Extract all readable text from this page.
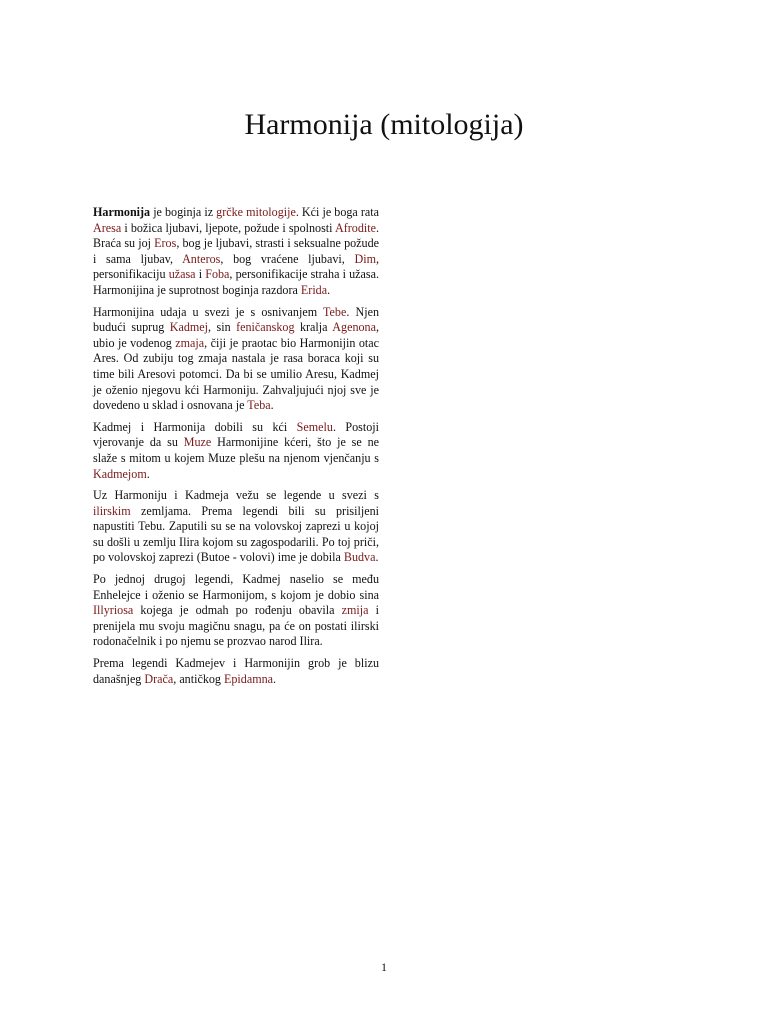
Harmonija (mitologija)

Harmonija je boginja iz grčke mitologije. Kći je boga rata Aresa i božica ljubavi, ljepote, požude i spolnosti Afrodite. Braća su joj Eros, bog je ljubavi, strasti i seksualne požude i sama ljubav, Anteros, bog vraćene ljubavi, Dim, personifikaciju užasa i Foba, personifikacije straha i užasa. Harmonijina je suprotnost boginja razdora Erida.

Harmonijina udaja u svezi je s osnivanjem Tebe. Njen budući suprug Kadmej, sin feničanskog kralja Agenona, ubio je vodenog zmaja, čiji je praotac bio Harmonijin otac Ares. Od zubiju tog zmaja nastala je rasa boraca koji su time bili Aresovi potomci. Da bi se umilio Aresu, Kadmej je oženio njegovu kći Harmoniju. Zahvaljujući njoj sve je dovedeno u sklad i osnovana je Teba.

Kadmej i Harmonija dobili su kći Semelu. Postoji vjerovanje da su Muze Harmonijine kćeri, što je se ne slaže s mitom u kojem Muze plešu na njenom vjenčanju s Kadmejom.

Uz Harmoniju i Kadmeja vežu se legende u svezi s ilirskim zemljama. Prema legendi bili su prisiljeni napustiti Tebu. Zaputili su se na volovskoj zaprezi u kojoj su došli u zemlju Ilira kojom su zagospodarili. Po toj priči, po volovskoj zaprezi (Butoe - volovi) ime je dobila Budva.

Po jednoj drugoj legendi, Kadmej naselio se među Enhelejce i oženio se Harmonijom, s kojom je dobio sina Illyriosa kojega je odmah po rođenju obavila zmija i prenijela mu svoju magičnu snagu, pa će on postati ilirski rodonačelnik i po njemu se prozvao narod Ilira.

Prema legendi Kadmejev i Harmonijin grob je blizu današnjeg Drača, antičkog Epidamna.

1
